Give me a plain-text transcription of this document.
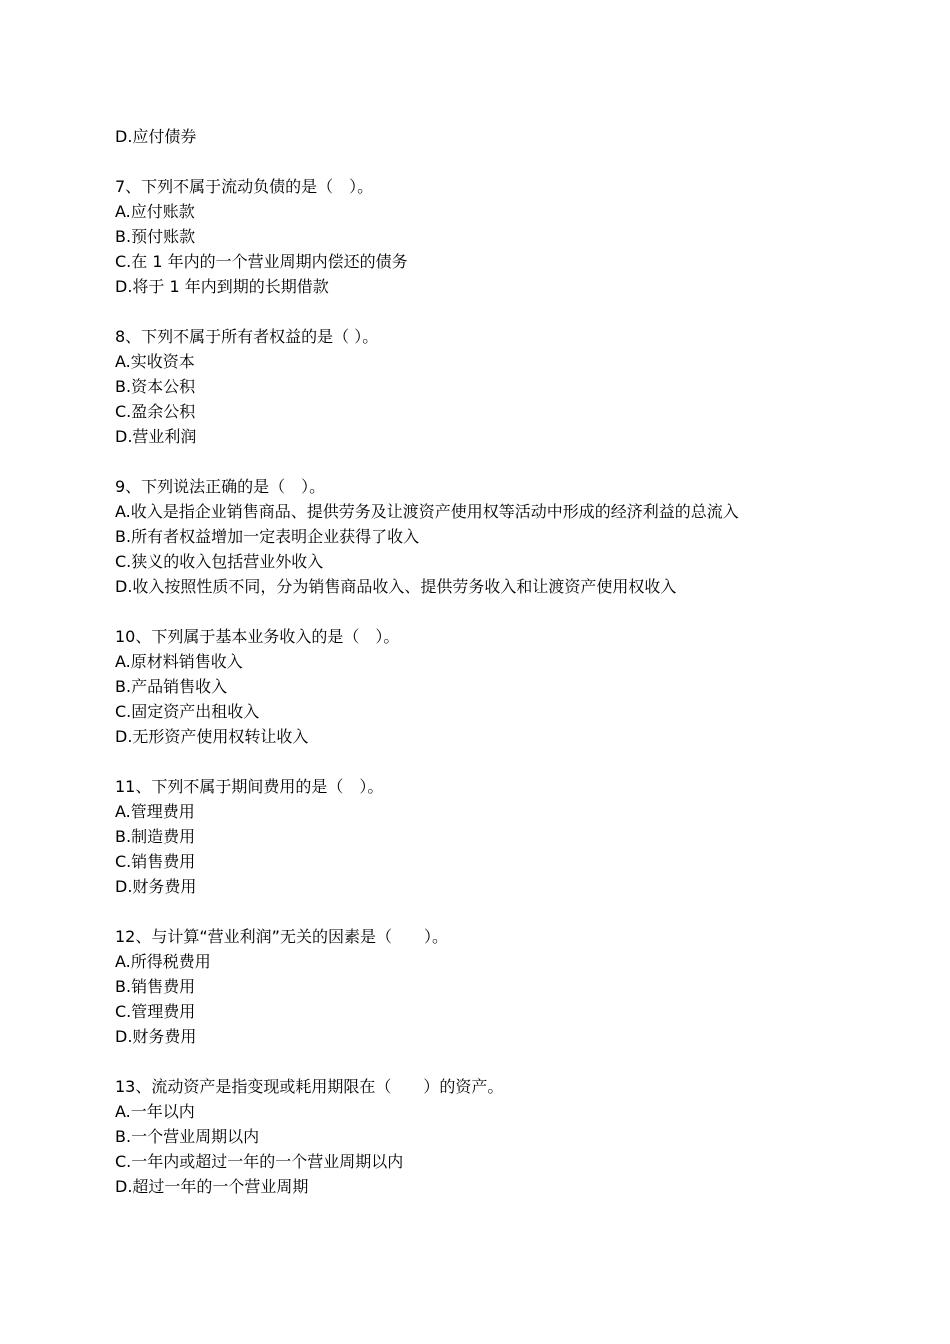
D.应付债券
7、下列不属于流动负债的是（　）。
A.应付账款
B.预付账款
C.在 1 年内的一个营业周期内偿还的债务
D.将于 1 年内到期的长期借款
8、下列不属于所有者权益的是（ ）。
A.实收资本
B.资本公积
C.盈余公积
D.营业利润
9、下列说法正确的是（　）。
A.收入是指企业销售商品、提供劳务及让渡资产使用权等活动中形成的经济利益的总流入
B.所有者权益增加一定表明企业获得了收入
C.狭义的收入包括营业外收入
D.收入按照性质不同，分为销售商品收入、提供劳务收入和让渡资产使用权收入
10、下列属于基本业务收入的是（　）。
A.原材料销售收入
B.产品销售收入
C.固定资产出租收入
D.无形资产使用权转让收入
11、下列不属于期间费用的是（　）。
A.管理费用
B.制造费用
C.销售费用
D.财务费用
12、与计算“营业利润”无关的因素是（　　）。
A.所得税费用
B.销售费用
C.管理费用
D.财务费用
13、流动资产是指变现或耗用期限在（　　）的资产。
A.一年以内
B.一个营业周期以内
C.一年内或超过一年的一个营业周期以内
D.超过一年的一个营业周期
